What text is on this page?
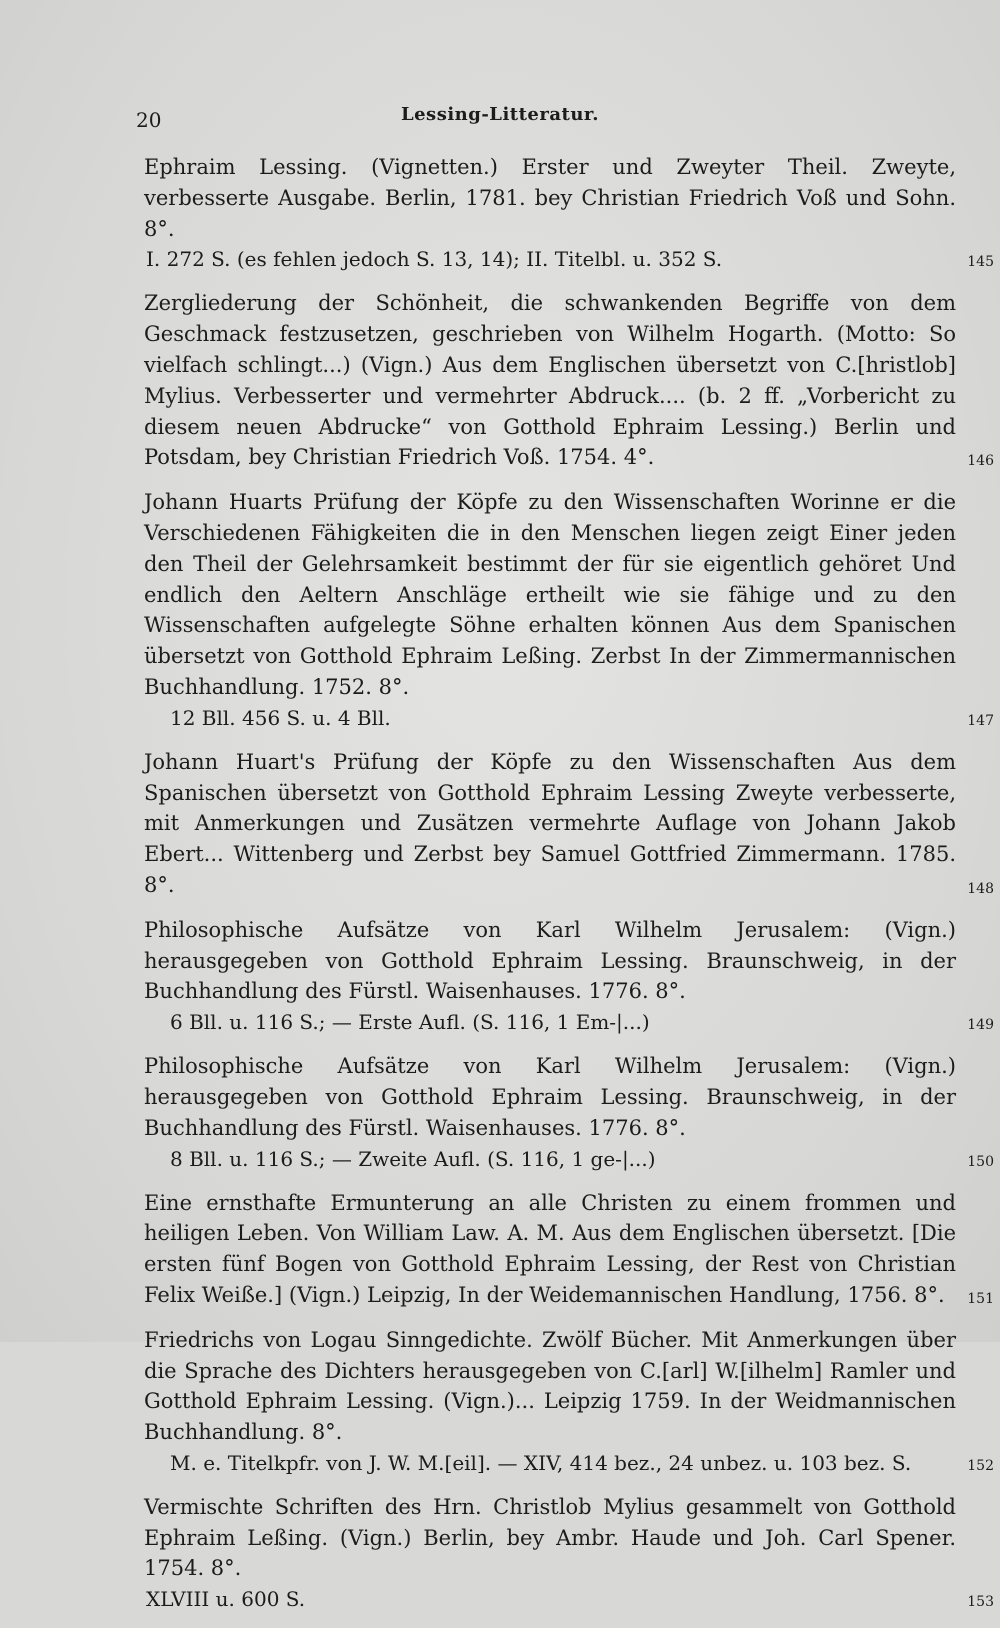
20	Lessing-Litteratur.
Ephraim Lessing. (Vignetten.) Erster und Zweyter Theil. Zweyte, verbesserte Ausgabe. Berlin, 1781. bey Christian Friedrich Voß und Sohn. 8°.
145
I. 272 S. (es fehlen jedoch S. 13, 14); II. Titelbl. u. 352 S.
Zergliederung der Schönheit, die schwankenden Begriffe von dem Geschmack festzusetzen, geschrieben von Wilhelm Hogarth. (Motto: So vielfach schlingt...) (Vign.) Aus dem Englischen übersetzt von C.[hristlob] Mylius. Verbesserter und vermehrter Abdruck.... (b. 2 ff. „Vorbericht zu diesem neuen Abdrucke“ von Gotthold Ephraim Lessing.) Berlin und Potsdam, bey Christian Friedrich Voß. 1754. 4°.	146
Johann Huarts Prüfung der Köpfe zu den Wissenschaften Worinne er die Verschiedenen Fähigkeiten die in den Menschen liegen zeigt Einer jeden den Theil der Gelehrsamkeit bestimmt der für sie eigentlich gehöret Und endlich den Aeltern Anschläge ertheilt wie sie fähige und zu den Wissenschaften aufgelegte Söhne erhalten können Aus dem Spanischen übersetzt von Gotthold Ephraim Leßing. Zerbst In der Zimmermannischen Buchhandlung. 1752. 8°.
147
12 Bll. 456 S. u. 4 Bll.
Johann Huart's Prüfung der Köpfe zu den Wissenschaften Aus dem Spanischen übersetzt von Gotthold Ephraim Lessing Zweyte verbesserte, mit Anmerkungen und Zusätzen vermehrte Auflage von Johann Jakob Ebert... Wittenberg und Zerbst bey Samuel Gottfried Zimmermann. 1785. 8°.	148
Philosophische Aufsätze von Karl Wilhelm Jerusalem: (Vign.) herausgegeben von Gotthold Ephraim Lessing. Braunschweig, in der Buchhandlung des Fürstl. Waisenhauses. 1776. 8°.
149
6 Bll. u. 116 S.; — Erste Aufl. (S. 116, 1 Em-|...)
Philosophische Aufsätze von Karl Wilhelm Jerusalem: (Vign.) herausgegeben von Gotthold Ephraim Lessing. Braunschweig, in der Buchhandlung des Fürstl. Waisenhauses. 1776. 8°.
150
8 Bll. u. 116 S.; — Zweite Aufl. (S. 116, 1 ge-|...)
Eine ernsthafte Ermunterung an alle Christen zu einem frommen und heiligen Leben. Von William Law. A. M. Aus dem Englischen übersetzt. [Die ersten fünf Bogen von Gotthold Ephraim Lessing, der Rest von Christian Felix Weiße.] (Vign.) Leipzig, In der Weidemannischen Handlung, 1756. 8°.	151
Friedrichs von Logau Sinngedichte. Zwölf Bücher. Mit Anmerkungen über die Sprache des Dichters herausgegeben von C.[arl] W.[ilhelm] Ramler und Gotthold Ephraim Lessing. (Vign.)... Leipzig 1759. In der Weidmannischen Buchhandlung. 8°.
152
M. e. Titelkpfr. von J. W. M.[eil]. — XIV, 414 bez., 24 unbez. u. 103 bez. S.
Vermischte Schriften des Hrn. Christlob Mylius gesammelt von Gotthold Ephraim Leßing. (Vign.) Berlin, bey Ambr. Haude und Joh. Carl Spener. 1754. 8°.
153
XLVIII u. 600 S.
